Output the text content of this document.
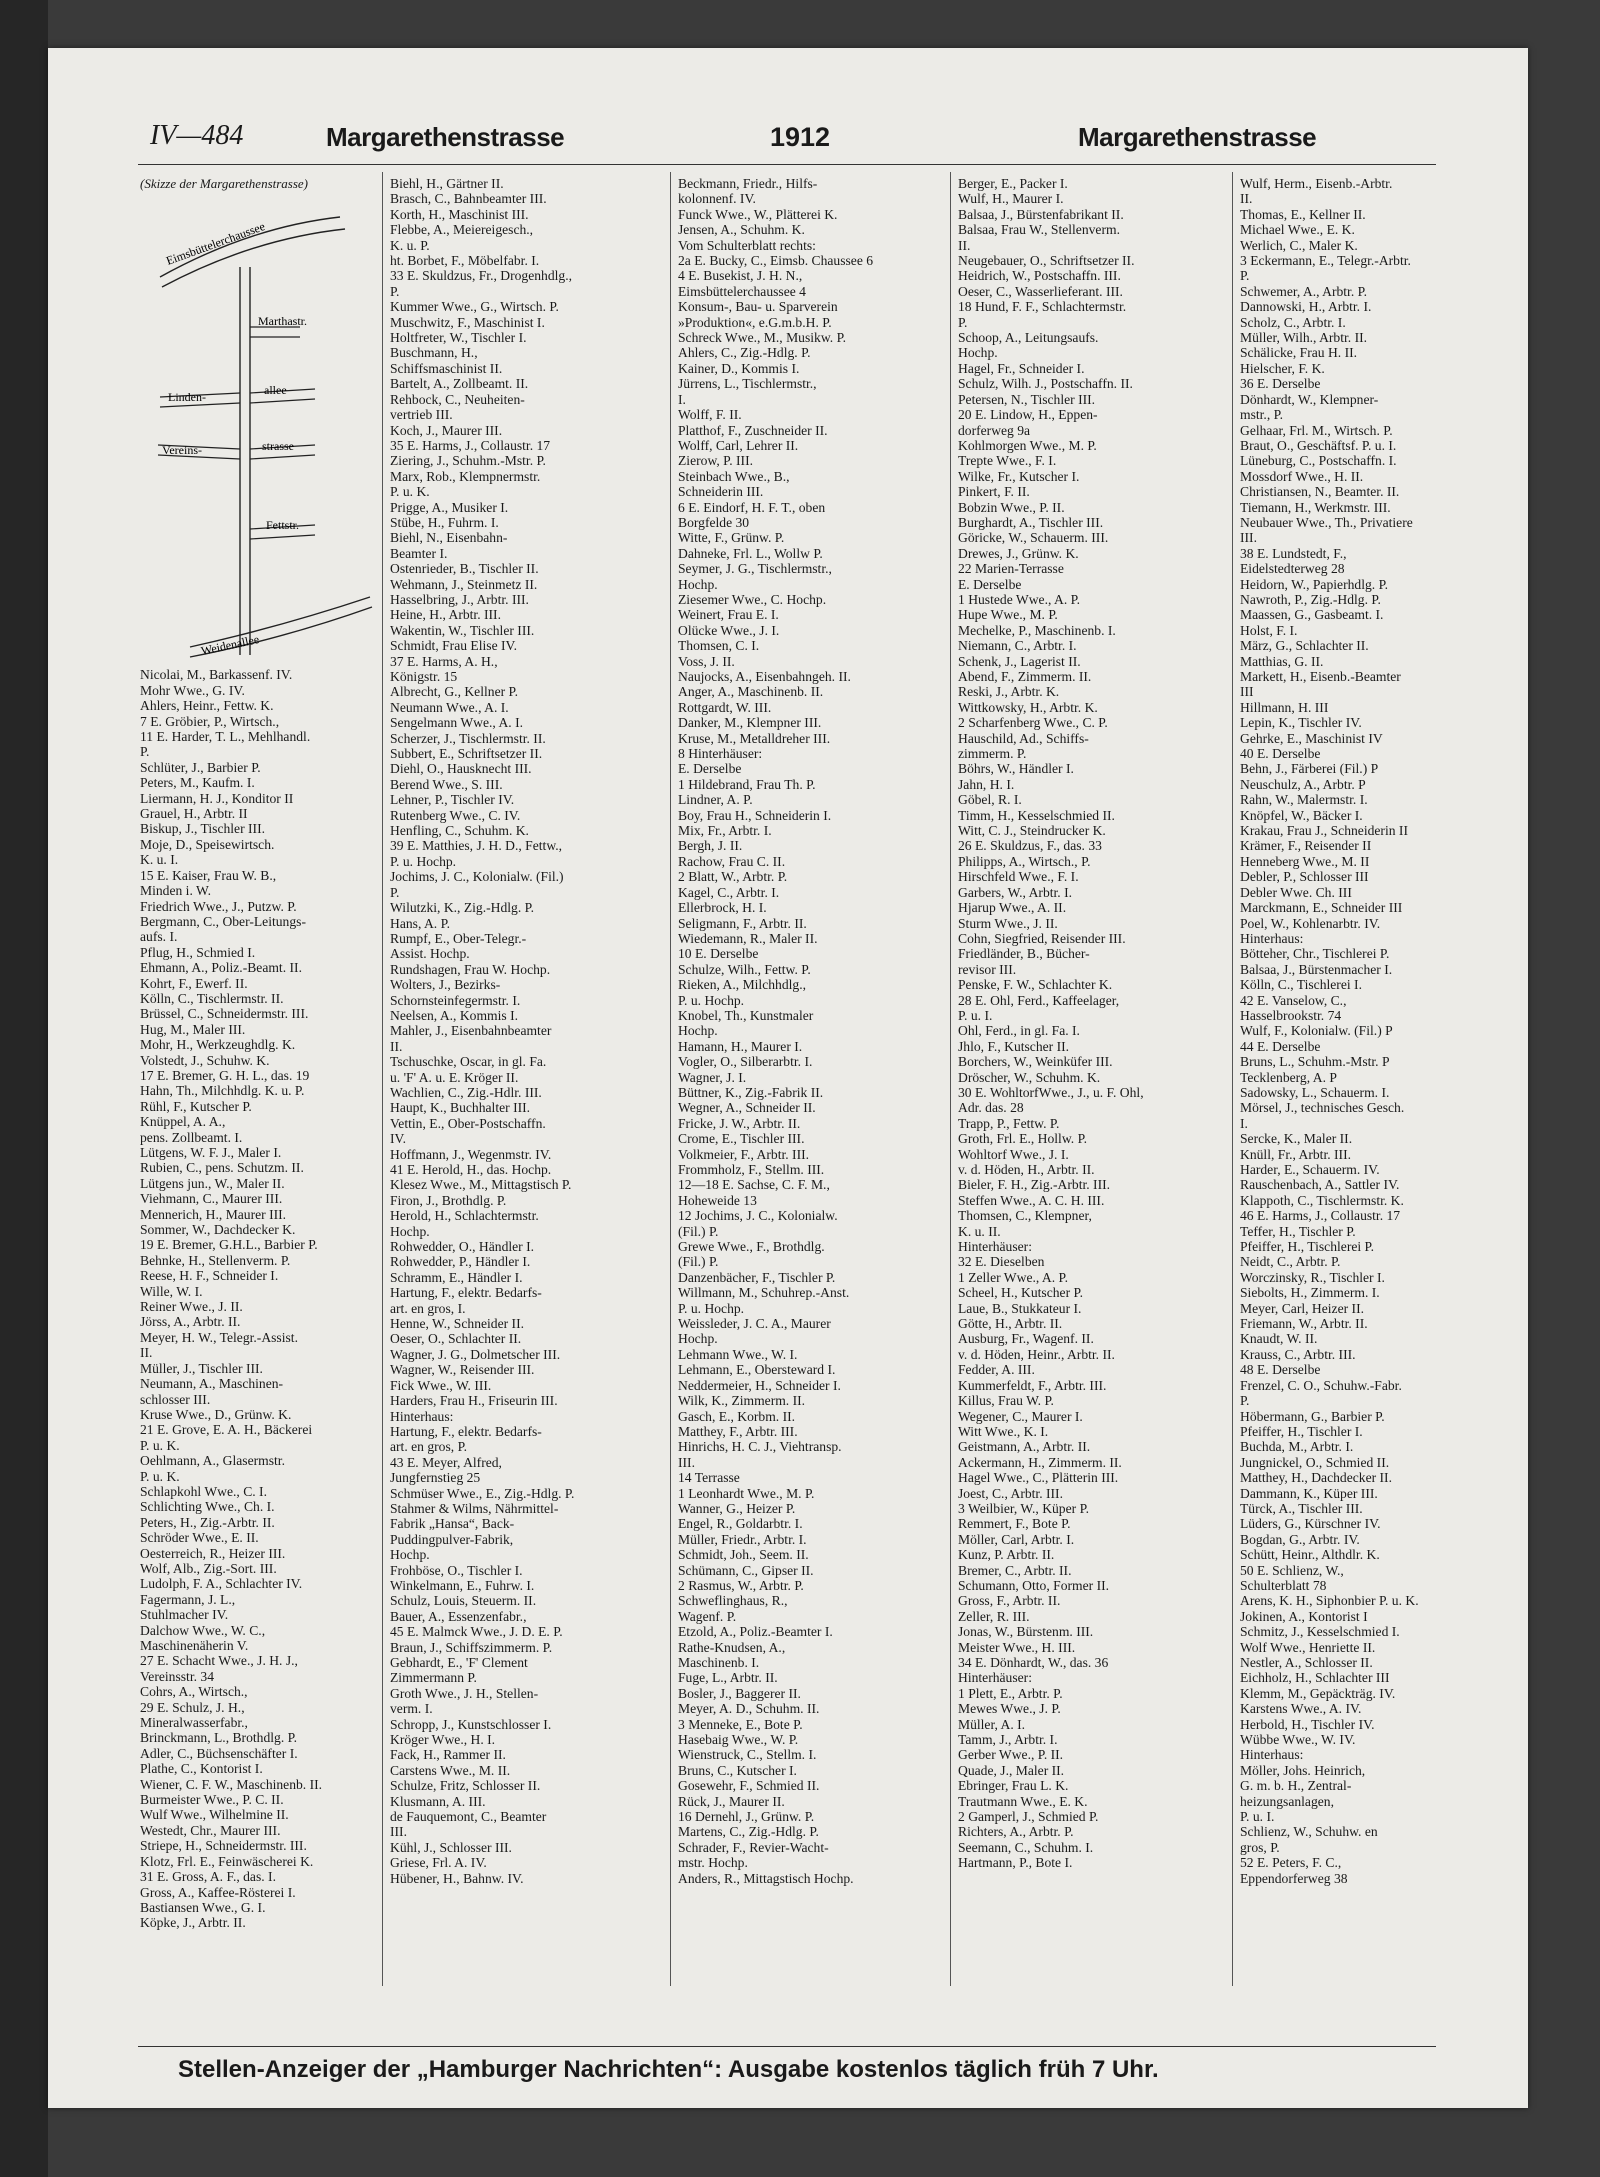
IV—484	Margarethenstrasse	1912	Margarethenstrasse
(Skizze der Margarethenstrasse)
Eimsbüttelerchaussee
Marthastr.
Linden-	allee
Vereins-	strasse
Fettstr.
Weidenallee
Nicolai, M., Barkassenf. IV.
Mohr Wwe., G. IV.
Ahlers, Heinr., Fettw. K.
7 E. Gröbier, P., Wirtsch.,
11 E. Harder, T. L., Mehlhandl.
P.
Schlüter, J., Barbier P.
Peters, M., Kaufm. I.
Liermann, H. J., Konditor II
Grauel, H., Arbtr. II
Biskup, J., Tischler III.
Moje, D., Speisewirtsch.
K. u. I.
15 E. Kaiser, Frau W. B.,
Minden i. W.
Friedrich Wwe., J., Putzw. P.
Bergmann, C., Ober-Leitungs-
aufs. I.
Pflug, H., Schmied I.
Ehmann, A., Poliz.-Beamt. II.
Kohrt, F., Ewerf. II.
Kölln, C., Tischlermstr. II.
Brüssel, C., Schneidermstr. III.
Hug, M., Maler III.
Mohr, H., Werkzeughdlg. K.
Volstedt, J., Schuhw. K.
17 E. Bremer, G. H. L., das. 19
Hahn, Th., Milchhdlg. K. u. P.
Rühl, F., Kutscher P.
Knüppel, A. A.,
pens. Zollbeamt. I.
Lütgens, W. F. J., Maler I.
Rubien, C., pens. Schutzm. II.
Lütgens jun., W., Maler II.
Viehmann, C., Maurer III.
Mennerich, H., Maurer III.
Sommer, W., Dachdecker K.
19 E. Bremer, G.H.L., Barbier P.
Behnke, H., Stellenverm. P.
Reese, H. F., Schneider I.
Wille, W. I.
Reiner Wwe., J. II.
Jörss, A., Arbtr. II.
Meyer, H. W., Telegr.-Assist.
II.
Müller, J., Tischler III.
Neumann, A., Maschinen-
schlosser III.
Kruse Wwe., D., Grünw. K.
21 E. Grove, E. A. H., Bäckerei
P. u. K.
Oehlmann, A., Glasermstr.
P. u. K.
Schlapkohl Wwe., C. I.
Schlichting Wwe., Ch. I.
Peters, H., Zig.-Arbtr. II.
Schröder Wwe., E. II.
Oesterreich, R., Heizer III.
Wolf, Alb., Zig.-Sort. III.
Ludolph, F. A., Schlachter IV.
Fagermann, J. L.,
Stuhlmacher IV.
Dalchow Wwe., W. C.,
Maschinenäherin V.
27 E. Schacht Wwe., J. H. J.,
Vereinsstr. 34
Cohrs, A., Wirtsch.,
29 E. Schulz, J. H.,
Mineralwasserfabr.,
Brinckmann, L., Brothdlg. P.
Adler, C., Büchsenschäfter I.
Plathe, C., Kontorist I.
Wiener, C. F. W., Maschinenb. II.
Burmeister Wwe., P. C. II.
Wulf Wwe., Wilhelmine II.
Westedt, Chr., Maurer III.
Striepe, H., Schneidermstr. III.
Klotz, Frl. E., Feinwäscherei K.
31 E. Gross, A. F., das. I.
Gross, A., Kaffee-Rösterei I.
Bastiansen Wwe., G. I.
Köpke, J., Arbtr. II.
Biehl, H., Gärtner II.
Brasch, C., Bahnbeamter III.
Korth, H., Maschinist III.
Flebbe, A., Meiereigesch.,
K. u. P.
ht. Borbet, F., Möbelfabr. I.
33 E. Skuldzus, Fr., Drogenhdlg.,
P.
Kummer Wwe., G., Wirtsch. P.
Muschwitz, F., Maschinist I.
Holtfreter, W., Tischler I.
Buschmann, H.,
Schiffsmaschinist II.
Bartelt, A., Zollbeamt. II.
Rehbock, C., Neuheiten-
vertrieb III.
Koch, J., Maurer III.
35 E. Harms, J., Collaustr. 17
Ziering, J., Schuhm.-Mstr. P.
Marx, Rob., Klempnermstr.
P. u. K.
Prigge, A., Musiker I.
Stübe, H., Fuhrm. I.
Biehl, N., Eisenbahn-
Beamter I.
Ostenrieder, B., Tischler II.
Wehmann, J., Steinmetz II.
Hasselbring, J., Arbtr. III.
Heine, H., Arbtr. III.
Wakentin, W., Tischler III.
Schmidt, Frau Elise IV.
37 E. Harms, A. H.,
Königstr. 15
Albrecht, G., Kellner P.
Neumann Wwe., A. I.
Sengelmann Wwe., A. I.
Scherzer, J., Tischlermstr. II.
Subbert, E., Schriftsetzer II.
Diehl, O., Hausknecht III.
Berend Wwe., S. III.
Lehner, P., Tischler IV.
Rutenberg Wwe., C. IV.
Henfling, C., Schuhm. K.
39 E. Matthies, J. H. D., Fettw.,
P. u. Hochp.
Jochims, J. C., Kolonialw. (Fil.)
P.
Wilutzki, K., Zig.-Hdlg. P.
Hans, A. P.
Rumpf, E., Ober-Telegr.-
Assist. Hochp.
Rundshagen, Frau W. Hochp.
Wolters, J., Bezirks-
Schornsteinfegermstr. I.
Neelsen, A., Kommis I.
Mahler, J., Eisenbahnbeamter
II.
Tschuschke, Oscar, in gl. Fa.
u. 'F' A. u. E. Kröger II.
Wachlien, C., Zig.-Hdlr. III.
Haupt, K., Buchhalter III.
Vettin, E., Ober-Postschaffn.
IV.
Hoffmann, J., Wegenmstr. IV.
41 E. Herold, H., das. Hochp.
Klesez Wwe., M., Mittagstisch P.
Firon, J., Brothdlg. P.
Herold, H., Schlachtermstr.
Hochp.
Rohwedder, O., Händler I.
Rohwedder, P., Händler I.
Schramm, E., Händler I.
Hartung, F., elektr. Bedarfs-
art. en gros, I.
Henne, W., Schneider II.
Oeser, O., Schlachter II.
Wagner, J. G., Dolmetscher III.
Wagner, W., Reisender III.
Fick Wwe., W. III.
Harders, Frau H., Friseurin III.
Hinterhaus:
Hartung, F., elektr. Bedarfs-
art. en gros, P.
43 E. Meyer, Alfred,
Jungfernstieg 25
Schmüser Wwe., E., Zig.-Hdlg. P.
Stahmer & Wilms, Nährmittel-
Fabrik „Hansa“, Back-
Puddingpulver-Fabrik,
Hochp.
Frohböse, O., Tischler I.
Winkelmann, E., Fuhrw. I.
Schulz, Louis, Steuerm. II.
Bauer, A., Essenzenfabr.,
45 E. Malmck Wwe., J. D. E. P.
Braun, J., Schiffszimmerm. P.
Gebhardt, E., 'F' Clement
Zimmermann P.
Groth Wwe., J. H., Stellen-
verm. I.
Schropp, J., Kunstschlosser I.
Kröger Wwe., H. I.
Fack, H., Rammer II.
Carstens Wwe., M. II.
Schulze, Fritz, Schlosser II.
Klusmann, A. III.
de Fauquemont, C., Beamter
III.
Kühl, J., Schlosser III.
Griese, Frl. A. IV.
Hübener, H., Bahnw. IV.
Beckmann, Friedr., Hilfs-
kolonnenf. IV.
Funck Wwe., W., Plätterei K.
Jensen, A., Schuhm. K.
Vom Schulterblatt rechts:
2a E. Bucky, C., Eimsb. Chaussee 6
4 E. Busekist, J. H. N.,
Eimsbüttelerchaussee 4
Konsum-, Bau- u. Sparverein
»Produktion«, e.G.m.b.H. P.
Schreck Wwe., M., Musikw. P.
Ahlers, C., Zig.-Hdlg. P.
Kainer, D., Kommis I.
Jürrens, L., Tischlermstr.,
I.
Wolff, F. II.
Platthof, F., Zuschneider II.
Wolff, Carl, Lehrer II.
Zierow, P. III.
Steinbach Wwe., B.,
Schneiderin III.
6 E. Eindorf, H. F. T., oben
Borgfelde 30
Witte, F., Grünw. P.
Dahneke, Frl. L., Wollw P.
Seymer, J. G., Tischlermstr.,
Hochp.
Ziesemer Wwe., C. Hochp.
Weinert, Frau E. I.
Olücke Wwe., J. I.
Thomsen, C. I.
Voss, J. II.
Naujocks, A., Eisenbahngeh. II.
Anger, A., Maschinenb. II.
Rottgardt, W. III.
Danker, M., Klempner III.
Kruse, M., Metalldreher III.
8 Hinterhäuser:
E. Derselbe
1 Hildebrand, Frau Th. P.
Lindner, A. P.
Boy, Frau H., Schneiderin I.
Mix, Fr., Arbtr. I.
Bergh, J. II.
Rachow, Frau C. II.
2 Blatt, W., Arbtr. P.
Kagel, C., Arbtr. I.
Ellerbrock, H. I.
Seligmann, F., Arbtr. II.
Wiedemann, R., Maler II.
10 E. Derselbe
Schulze, Wilh., Fettw. P.
Rieken, A., Milchhdlg.,
P. u. Hochp.
Knobel, Th., Kunstmaler
Hochp.
Hamann, H., Maurer I.
Vogler, O., Silberarbtr. I.
Wagner, J. I.
Büttner, K., Zig.-Fabrik II.
Wegner, A., Schneider II.
Fricke, J. W., Arbtr. II.
Crome, E., Tischler III.
Volkmeier, F., Arbtr. III.
Frommholz, F., Stellm. III.
12—18 E. Sachse, C. F. M.,
Hoheweide 13
12 Jochims, J. C., Kolonialw.
(Fil.) P.
Grewe Wwe., F., Brothdlg.
(Fil.) P.
Danzenbächer, F., Tischler P.
Willmann, M., Schuhrep.-Anst.
P. u. Hochp.
Weissleder, J. C. A., Maurer
Hochp.
Lehmann Wwe., W. I.
Lehmann, E., Obersteward I.
Neddermeier, H., Schneider I.
Wilk, K., Zimmerm. II.
Gasch, E., Korbm. II.
Matthey, F., Arbtr. III.
Hinrichs, H. C. J., Viehtransp.
III.
14 Terrasse
1 Leonhardt Wwe., M. P.
Wanner, G., Heizer P.
Engel, R., Goldarbtr. I.
Müller, Friedr., Arbtr. I.
Schmidt, Joh., Seem. II.
Schümann, C., Gipser II.
2 Rasmus, W., Arbtr. P.
Schweflinghaus, R.,
Wagenf. P.
Etzold, A., Poliz.-Beamter I.
Rathe-Knudsen, A.,
Maschinenb. I.
Fuge, L., Arbtr. II.
Bosler, J., Baggerer II.
Meyer, A. D., Schuhm. II.
3 Menneke, E., Bote P.
Hasebaig Wwe., W. P.
Wienstruck, C., Stellm. I.
Bruns, C., Kutscher I.
Gosewehr, F., Schmied II.
Rück, J., Maurer II.
16 Dernehl, J., Grünw. P.
Martens, C., Zig.-Hdlg. P.
Schrader, F., Revier-Wacht-
mstr. Hochp.
Anders, R., Mittagstisch Hochp.
Berger, E., Packer I.
Wulf, H., Maurer I.
Balsaa, J., Bürstenfabrikant II.
Balsaa, Frau W., Stellenverm.
II.
Neugebauer, O., Schriftsetzer II.
Heidrich, W., Postschaffn. III.
Oeser, C., Wasserlieferant. III.
18 Hund, F. F., Schlachtermstr.
P.
Schoop, A., Leitungsaufs.
Hochp.
Hagel, Fr., Schneider I.
Schulz, Wilh. J., Postschaffn. II.
Petersen, N., Tischler III.
20 E. Lindow, H., Eppen-
dorferweg 9a
Kohlmorgen Wwe., M. P.
Trepte Wwe., F. I.
Wilke, Fr., Kutscher I.
Pinkert, F. II.
Bobzin Wwe., P. II.
Burghardt, A., Tischler III.
Göricke, W., Schauerm. III.
Drewes, J., Grünw. K.
22 Marien-Terrasse
E. Derselbe
1 Hustede Wwe., A. P.
Hupe Wwe., M. P.
Mechelke, P., Maschinenb. I.
Niemann, C., Arbtr. I.
Schenk, J., Lagerist II.
Abend, F., Zimmerm. II.
Reski, J., Arbtr. K.
Wittkowsky, H., Arbtr. K.
2 Scharfenberg Wwe., C. P.
Hauschild, Ad., Schiffs-
zimmerm. P.
Böhrs, W., Händler I.
Jahn, H. I.
Göbel, R. I.
Timm, H., Kesselschmied II.
Witt, C. J., Steindrucker K.
26 E. Skuldzus, F., das. 33
Philipps, A., Wirtsch., P.
Hirschfeld Wwe., F. I.
Garbers, W., Arbtr. I.
Hjarup Wwe., A. II.
Sturm Wwe., J. II.
Cohn, Siegfried, Reisender III.
Friedländer, B., Bücher-
revisor III.
Penske, F. W., Schlachter K.
28 E. Ohl, Ferd., Kaffeelager,
P. u. I.
Ohl, Ferd., in gl. Fa. I.
Jhlo, F., Kutscher II.
Borchers, W., Weinküfer III.
Dröscher, W., Schuhm. K.
30 E. WohltorfWwe., J., u. F. Ohl,
Adr. das. 28
Trapp, P., Fettw. P.
Groth, Frl. E., Hollw. P.
Wohltorf Wwe., J. I.
v. d. Höden, H., Arbtr. II.
Bieler, F. H., Zig.-Arbtr. III.
Steffen Wwe., A. C. H. III.
Thomsen, C., Klempner,
K. u. II.
Hinterhäuser:
32 E. Dieselben
1 Zeller Wwe., A. P.
Scheel, H., Kutscher P.
Laue, B., Stukkateur I.
Götte, H., Arbtr. II.
Ausburg, Fr., Wagenf. II.
v. d. Höden, Heinr., Arbtr. II.
Fedder, A. III.
Kummerfeldt, F., Arbtr. III.
Killus, Frau W. P.
Wegener, C., Maurer I.
Witt Wwe., K. I.
Geistmann, A., Arbtr. II.
Ackermann, H., Zimmerm. II.
Hagel Wwe., C., Plätterin III.
Joest, C., Arbtr. III.
3 Weilbier, W., Küper P.
Remmert, F., Bote P.
Möller, Carl, Arbtr. I.
Kunz, P. Arbtr. II.
Bremer, C., Arbtr. II.
Schumann, Otto, Former II.
Gross, F., Arbtr. II.
Zeller, R. III.
Jonas, W., Bürstenm. III.
Meister Wwe., H. III.
34 E. Dönhardt, W., das. 36
Hinterhäuser:
1 Plett, E., Arbtr. P.
Mewes Wwe., J. P.
Müller, A. I.
Tamm, J., Arbtr. I.
Gerber Wwe., P. II.
Quade, J., Maler II.
Ebringer, Frau L. K.
Trautmann Wwe., E. K.
2 Gamperl, J., Schmied P.
Richters, A., Arbtr. P.
Seemann, C., Schuhm. I.
Hartmann, P., Bote I.
Wulf, Herm., Eisenb.-Arbtr.
II.
Thomas, E., Kellner II.
Michael Wwe., E. K.
Werlich, C., Maler K.
3 Eckermann, E., Telegr.-Arbtr.
P.
Schwemer, A., Arbtr. P.
Dannowski, H., Arbtr. I.
Scholz, C., Arbtr. I.
Müller, Wilh., Arbtr. II.
Schälicke, Frau H. II.
Hielscher, F. K.
36 E. Derselbe
Dönhardt, W., Klempner-
mstr., P.
Gelhaar, Frl. M., Wirtsch. P.
Braut, O., Geschäftsf. P. u. I.
Lüneburg, C., Postschaffn. I.
Mossdorf Wwe., H. II.
Christiansen, N., Beamter. II.
Tiemann, H., Werkmstr. III.
Neubauer Wwe., Th., Privatiere
III.
38 E. Lundstedt, F.,
Eidelstedterweg 28
Heidorn, W., Papierhdlg. P.
Nawroth, P., Zig.-Hdlg. P.
Maassen, G., Gasbeamt. I.
Holst, F. I.
März, G., Schlachter II.
Matthias, G. II.
Markett, H., Eisenb.-Beamter
III
Hillmann, H. III
Lepin, K., Tischler IV.
Gehrke, E., Maschinist IV
40 E. Derselbe
Behn, J., Färberei (Fil.) P
Neuschulz, A., Arbtr. P
Rahn, W., Malermstr. I.
Knöpfel, W., Bäcker I.
Krakau, Frau J., Schneiderin II
Krämer, F., Reisender II
Henneberg Wwe., M. II
Debler, P., Schlosser III
Debler Wwe. Ch. III
Marckmann, E., Schneider III
Poel, W., Kohlenarbtr. IV.
Hinterhaus:
Bötteher, Chr., Tischlerei P.
Balsaa, J., Bürstenmacher I.
Kölln, C., Tischlerei I.
42 E. Vanselow, C.,
Hasselbrookstr. 74
Wulf, F., Kolonialw. (Fil.) P
44 E. Derselbe
Bruns, L., Schuhm.-Mstr. P
Tecklenberg, A. P
Sadowsky, L., Schauerm. I.
Mörsel, J., technisches Gesch.
I.
Sercke, K., Maler II.
Knüll, Fr., Arbtr. III.
Harder, E., Schauerm. IV.
Rauschenbach, A., Sattler IV.
Klappoth, C., Tischlermstr. K.
46 E. Harms, J., Collaustr. 17
Teffer, H., Tischler P.
Pfeiffer, H., Tischlerei P.
Neidt, C., Arbtr. P.
Worczinsky, R., Tischler I.
Siebolts, H., Zimmerm. I.
Meyer, Carl, Heizer II.
Friemann, W., Arbtr. II.
Knaudt, W. II.
Krauss, C., Arbtr. III.
48 E. Derselbe
Frenzel, C. O., Schuhw.-Fabr.
P.
Höbermann, G., Barbier P.
Pfeiffer, H., Tischler I.
Buchda, M., Arbtr. I.
Jungnickel, O., Schmied II.
Matthey, H., Dachdecker II.
Dammann, K., Küper III.
Türck, A., Tischler III.
Lüders, G., Kürschner IV.
Bogdan, G., Arbtr. IV.
Schütt, Heinr., Althdlr. K.
50 E. Schlienz, W.,
Schulterblatt 78
Arens, K. H., Siphonbier P. u. K.
Jokinen, A., Kontorist I
Schmitz, J., Kesselschmied I.
Wolf Wwe., Henriette II.
Nestler, A., Schlosser II.
Eichholz, H., Schlachter III
Klemm, M., Gepäckträg. IV.
Karstens Wwe., A. IV.
Herbold, H., Tischler IV.
Wübbe Wwe., W. IV.
Hinterhaus:
Möller, Johs. Heinrich,
G. m. b. H., Zentral-
heizungsanlagen,
P. u. I.
Schlienz, W., Schuhw. en
gros, P.
52 E. Peters, F. C.,
Eppendorferweg 38
Stellen-Anzeiger der „Hamburger Nachrichten“: Ausgabe kostenlos täglich früh 7 Uhr.
